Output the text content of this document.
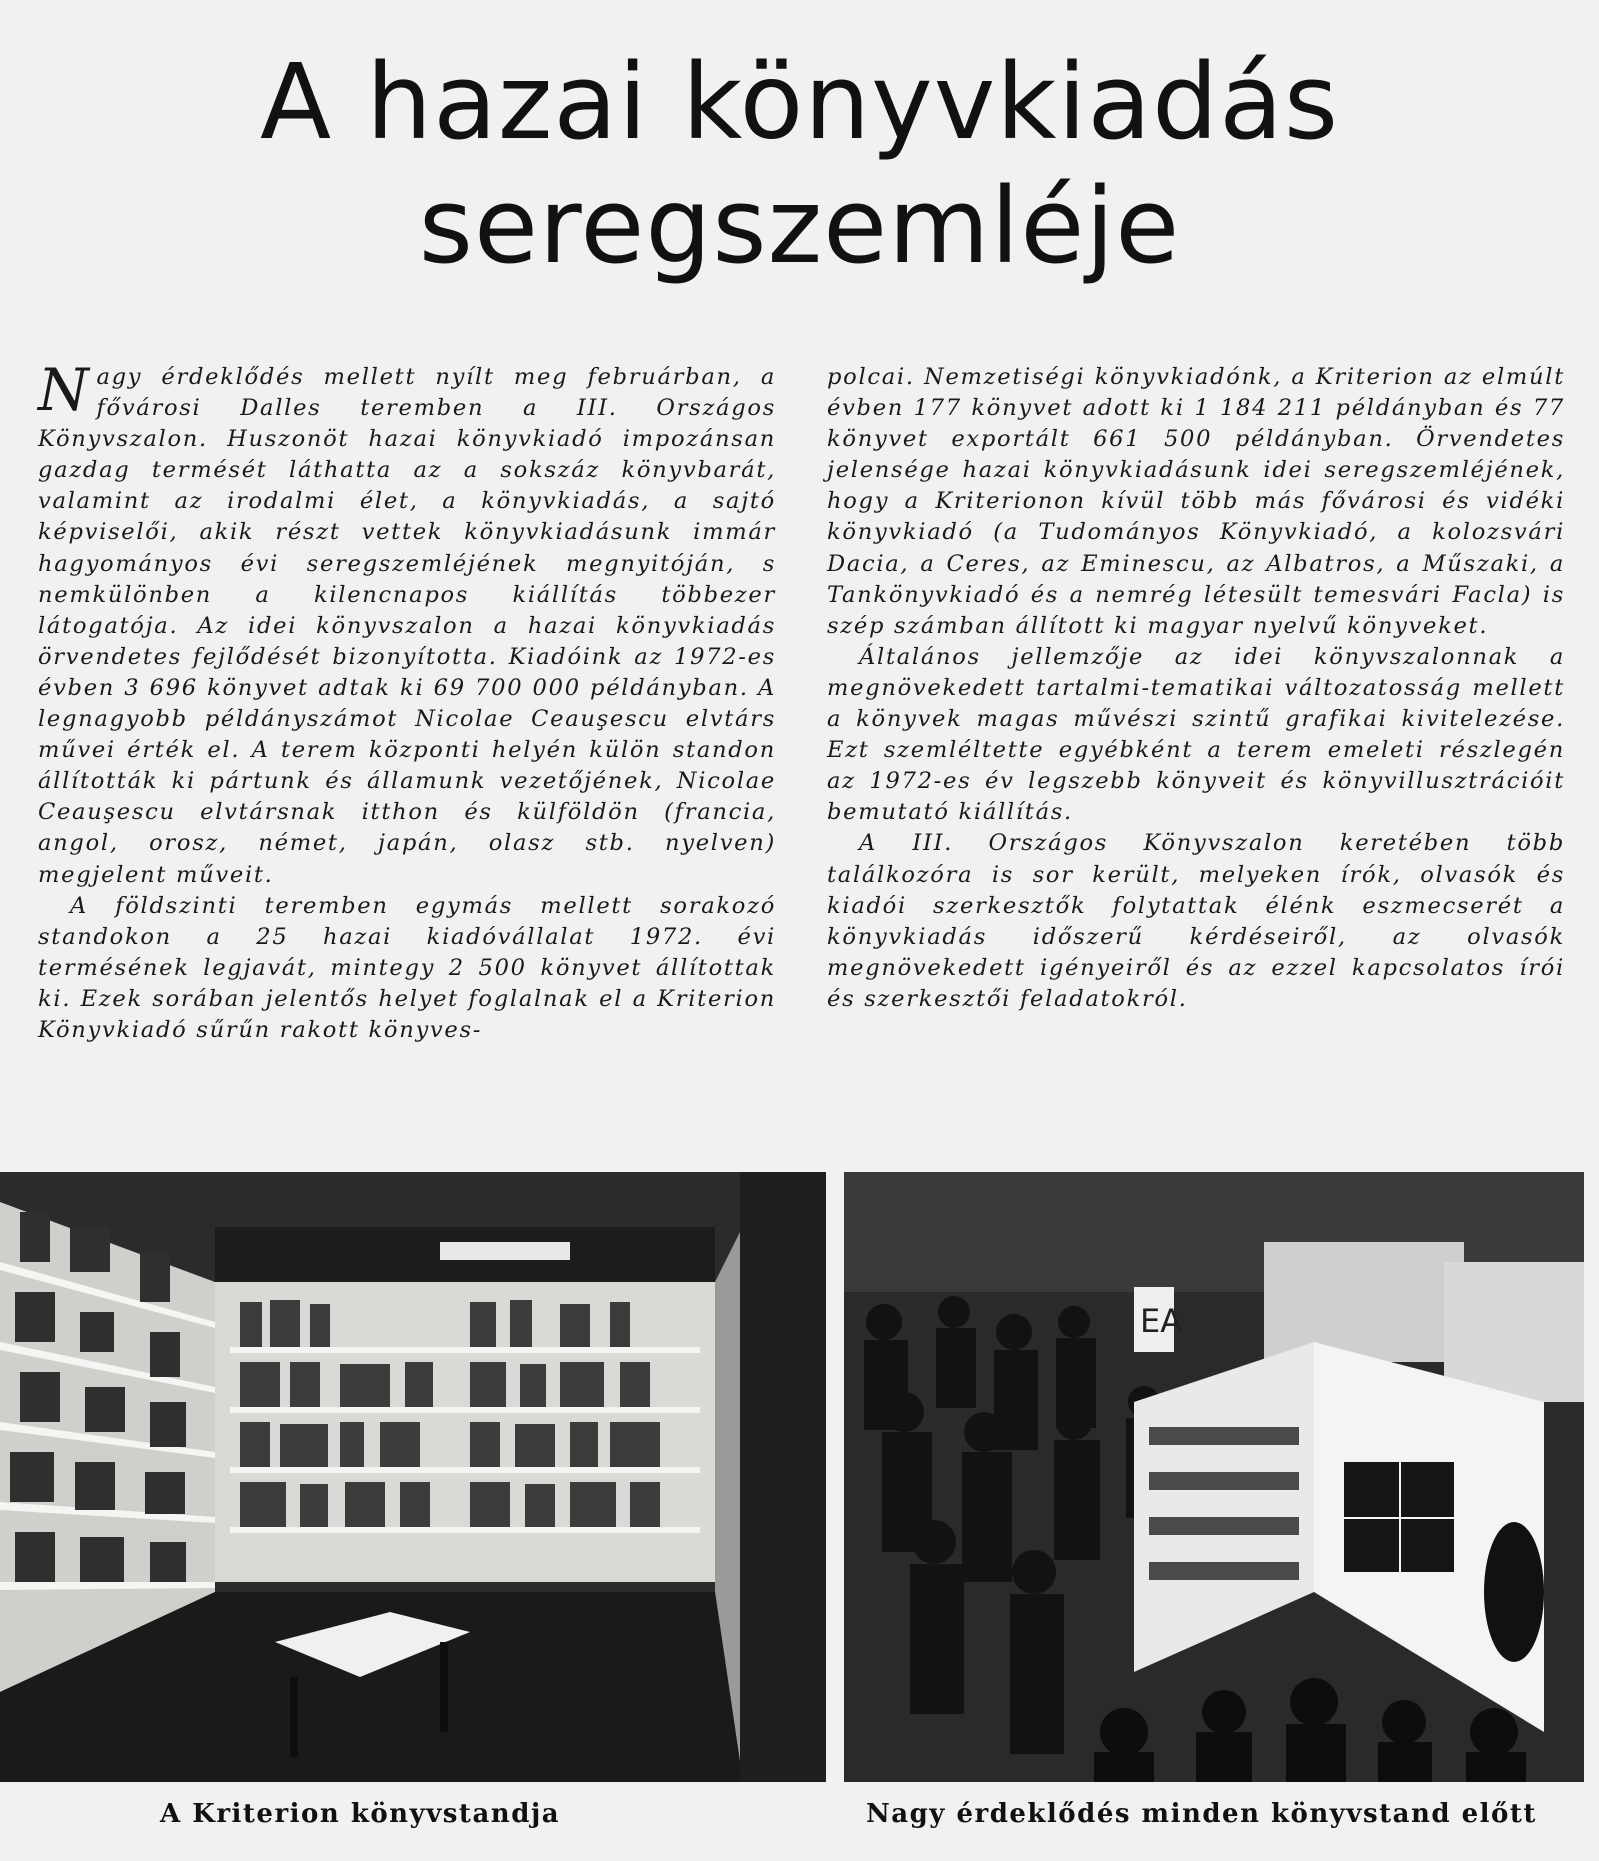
A hazai könyvkiadás
seregszemléje

Nagy érdeklődés mellett nyílt meg februárban, a fővárosi Dalles teremben a III. Országos Könyvszalon. Huszonöt hazai könyvkiadó impozánsan gazdag termését láthatta az a sokszáz könyvbarát, valamint az irodalmi élet, a könyvkiadás, a sajtó képviselői, akik részt vettek könyvkiadásunk immár hagyományos évi seregszemléjének megnyitóján, s nemkülönben a kilencnapos kiállítás többezer látogatója. Az idei könyvszalon a hazai könyvkiadás örvendetes fejlődését bizonyította. Kiadóink az 1972-es évben 3 696 könyvet adtak ki 69 700 000 példányban. A legnagyobb példányszámot Nicolae Ceauşescu elvtárs művei érték el. A terem központi helyén külön standon állították ki pártunk és államunk vezetőjének, Nicolae Ceauşescu elvtársnak itthon és külföldön (francia, angol, orosz, német, japán, olasz stb. nyelven) megjelent műveit.

A földszinti teremben egymás mellett sorakozó standokon a 25 hazai kiadóvállalat 1972. évi termésének legjavát, mintegy 2 500 könyvet állítottak ki. Ezek sorában jelentős helyet foglalnak el a Kriterion Könyvkiadó sűrűn rakott könyves-

polcai. Nemzetiségi könyvkiadónk, a Kriterion az elmúlt évben 177 könyvet adott ki 1 184 211 példányban és 77 könyvet exportált 661 500 példányban. Örvendetes jelensége hazai könyvkiadásunk idei seregszemléjének, hogy a Kriterionon kívül több más fővárosi és vidéki könyvkiadó (a Tudományos Könyvkiadó, a kolozsvári Dacia, a Ceres, az Eminescu, az Albatros, a Műszaki, a Tankönyvkiadó és a nemrég létesült temesvári Facla) is szép számban állított ki magyar nyelvű könyveket.

Általános jellemzője az idei könyvszalonnak a megnövekedett tartalmi-tematikai változatosság mellett a könyvek magas művészi szintű grafikai kivitelezése. Ezt szemléltette egyébként a terem emeleti részlegén az 1972-es év legszebb könyveit és könyvillusztrációit bemutató kiállítás.

A III. Országos Könyvszalon keretében több találkozóra is sor került, melyeken írók, olvasók és kiadói szerkesztők folytattak élénk eszmecserét a könyvkiadás időszerű kérdéseiről, az olvasók megnövekedett igényeiről és az ezzel kapcsolatos írói és szerkesztői feladatokról.

EA
A Kriterion könyvstandja	Nagy érdeklődés minden könyvstand előtt
